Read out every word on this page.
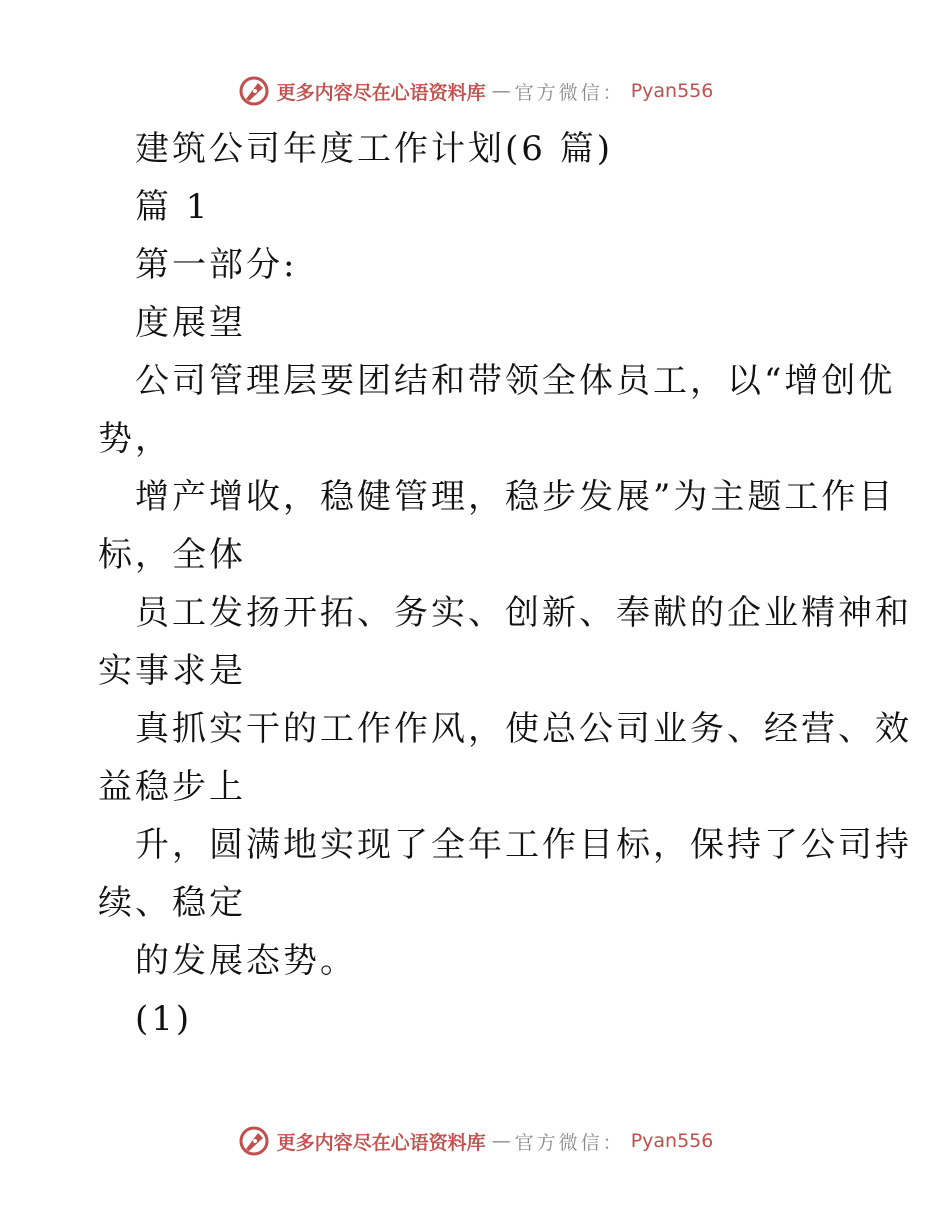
更多内容尽在心语资料库 — 官方微信： Pyan556
建筑公司年度工作计划(6 篇)
篇 1
第一部分:
度展望
公司管理层要团结和带领全体员工，以“增创优
势，
增产增收，稳健管理，稳步发展”为主题工作目
标，全体
员工发扬开拓、务实、创新、奉献的企业精神和
实事求是
真抓实干的工作作风，使总公司业务、经营、效
益稳步上
升，圆满地实现了全年工作目标，保持了公司持
续、稳定
的发展态势。
(1)
更多内容尽在心语资料库 — 官方微信： Pyan556
